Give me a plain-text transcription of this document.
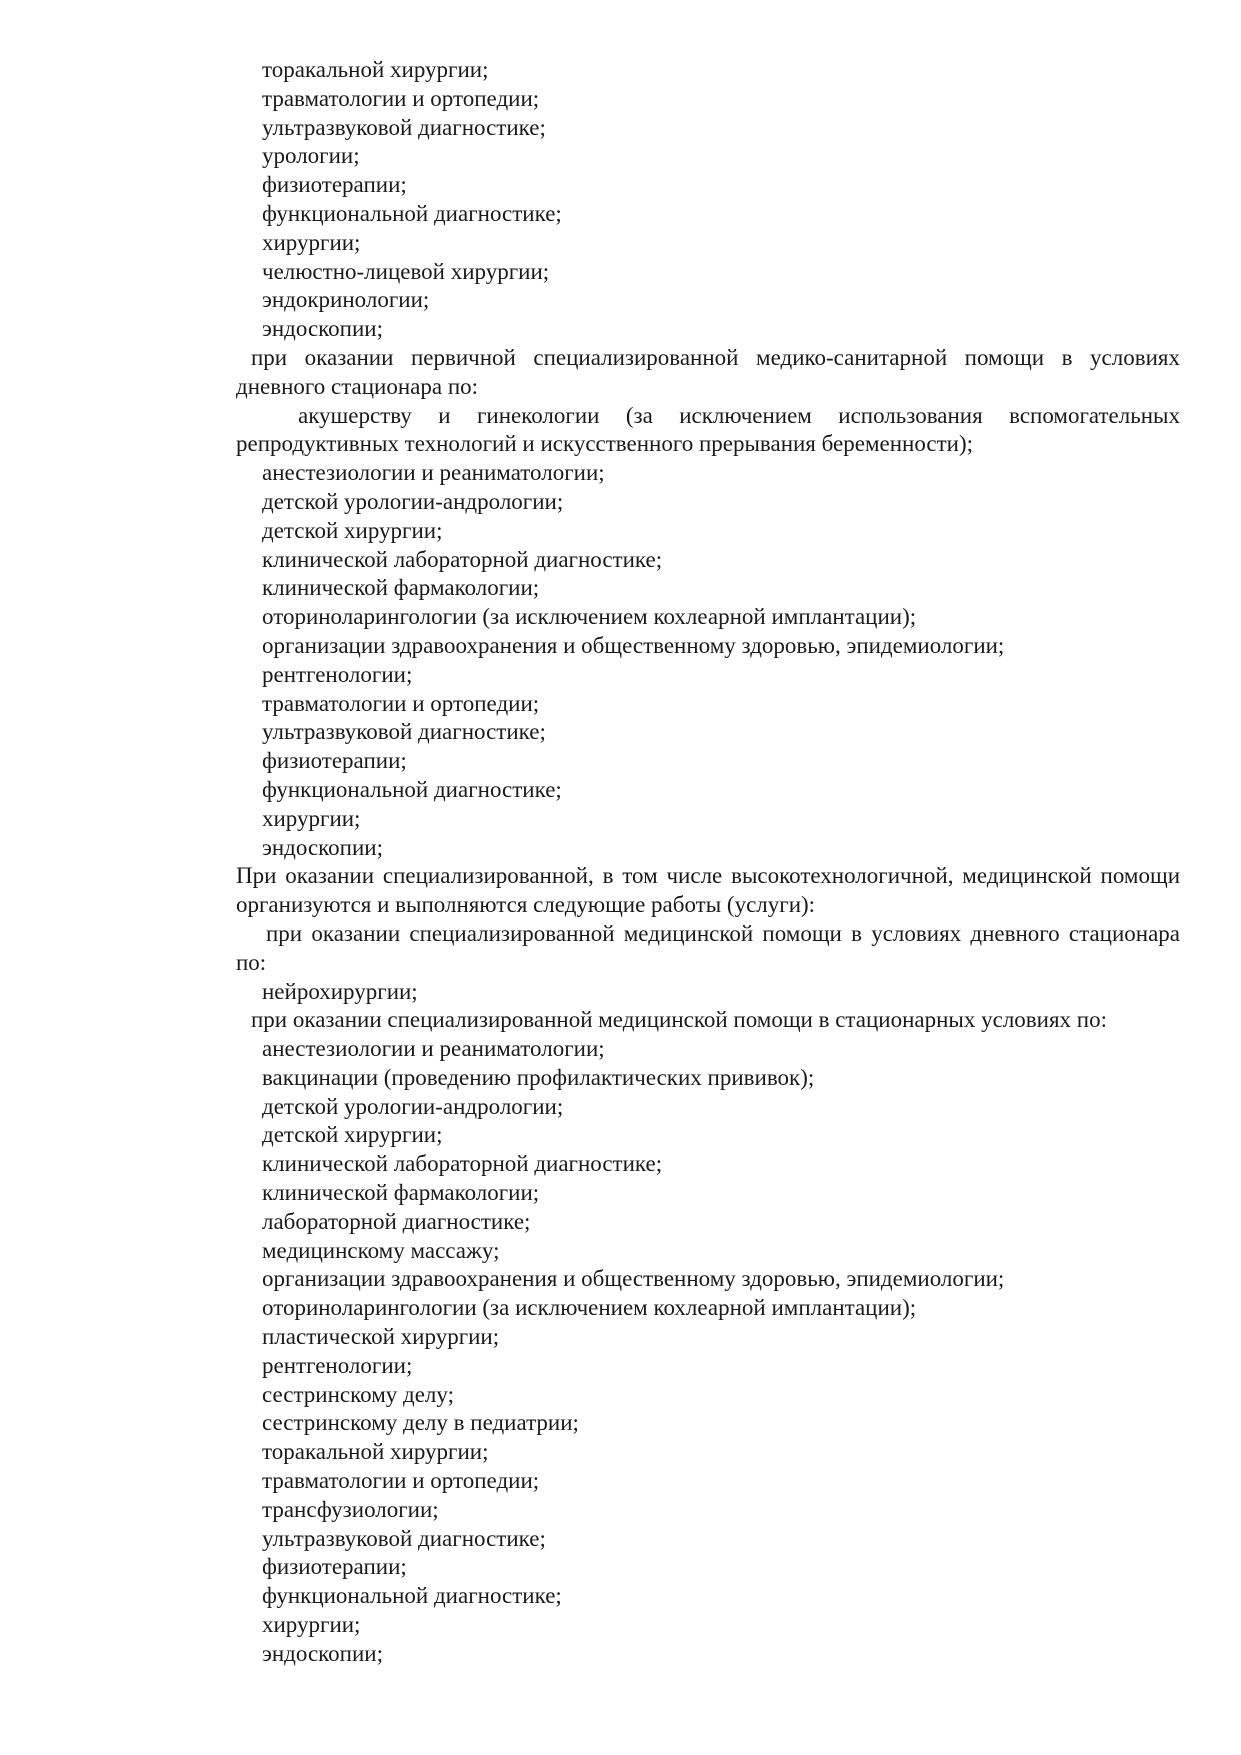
торакальной хирургии;
травматологии и ортопедии;
ультразвуковой диагностике;
урологии;
физиотерапии;
функциональной диагностике;
хирургии;
челюстно-лицевой хирургии;
эндокринологии;
эндоскопии;
при оказании первичной специализированной медико-санитарной помощи в условиях дневного стационара по:
акушерству и гинекологии (за исключением использования вспомогательных репродуктивных технологий и искусственного прерывания беременности);
анестезиологии и реаниматологии;
детской урологии-андрологии;
детской хирургии;
клинической лабораторной диагностике;
клинической фармакологии;
оториноларингологии (за исключением кохлеарной имплантации);
организации здравоохранения и общественному здоровью, эпидемиологии;
рентгенологии;
травматологии и ортопедии;
ультразвуковой диагностике;
физиотерапии;
функциональной диагностике;
хирургии;
эндоскопии;
При оказании специализированной, в том числе высокотехнологичной, медицинской помощи организуются и выполняются следующие работы (услуги):
при оказании специализированной медицинской помощи в условиях дневного стационара по:
нейрохирургии;
при оказании специализированной медицинской помощи в стационарных условиях по:
анестезиологии и реаниматологии;
вакцинации (проведению профилактических прививок);
детской урологии-андрологии;
детской хирургии;
клинической лабораторной диагностике;
клинической фармакологии;
лабораторной диагностике;
медицинскому массажу;
организации здравоохранения и общественному здоровью, эпидемиологии;
оториноларингологии (за исключением кохлеарной имплантации);
пластической хирургии;
рентгенологии;
сестринскому делу;
сестринскому делу в педиатрии;
торакальной хирургии;
травматологии и ортопедии;
трансфузиологии;
ультразвуковой диагностике;
физиотерапии;
функциональной диагностике;
хирургии;
эндоскопии;
